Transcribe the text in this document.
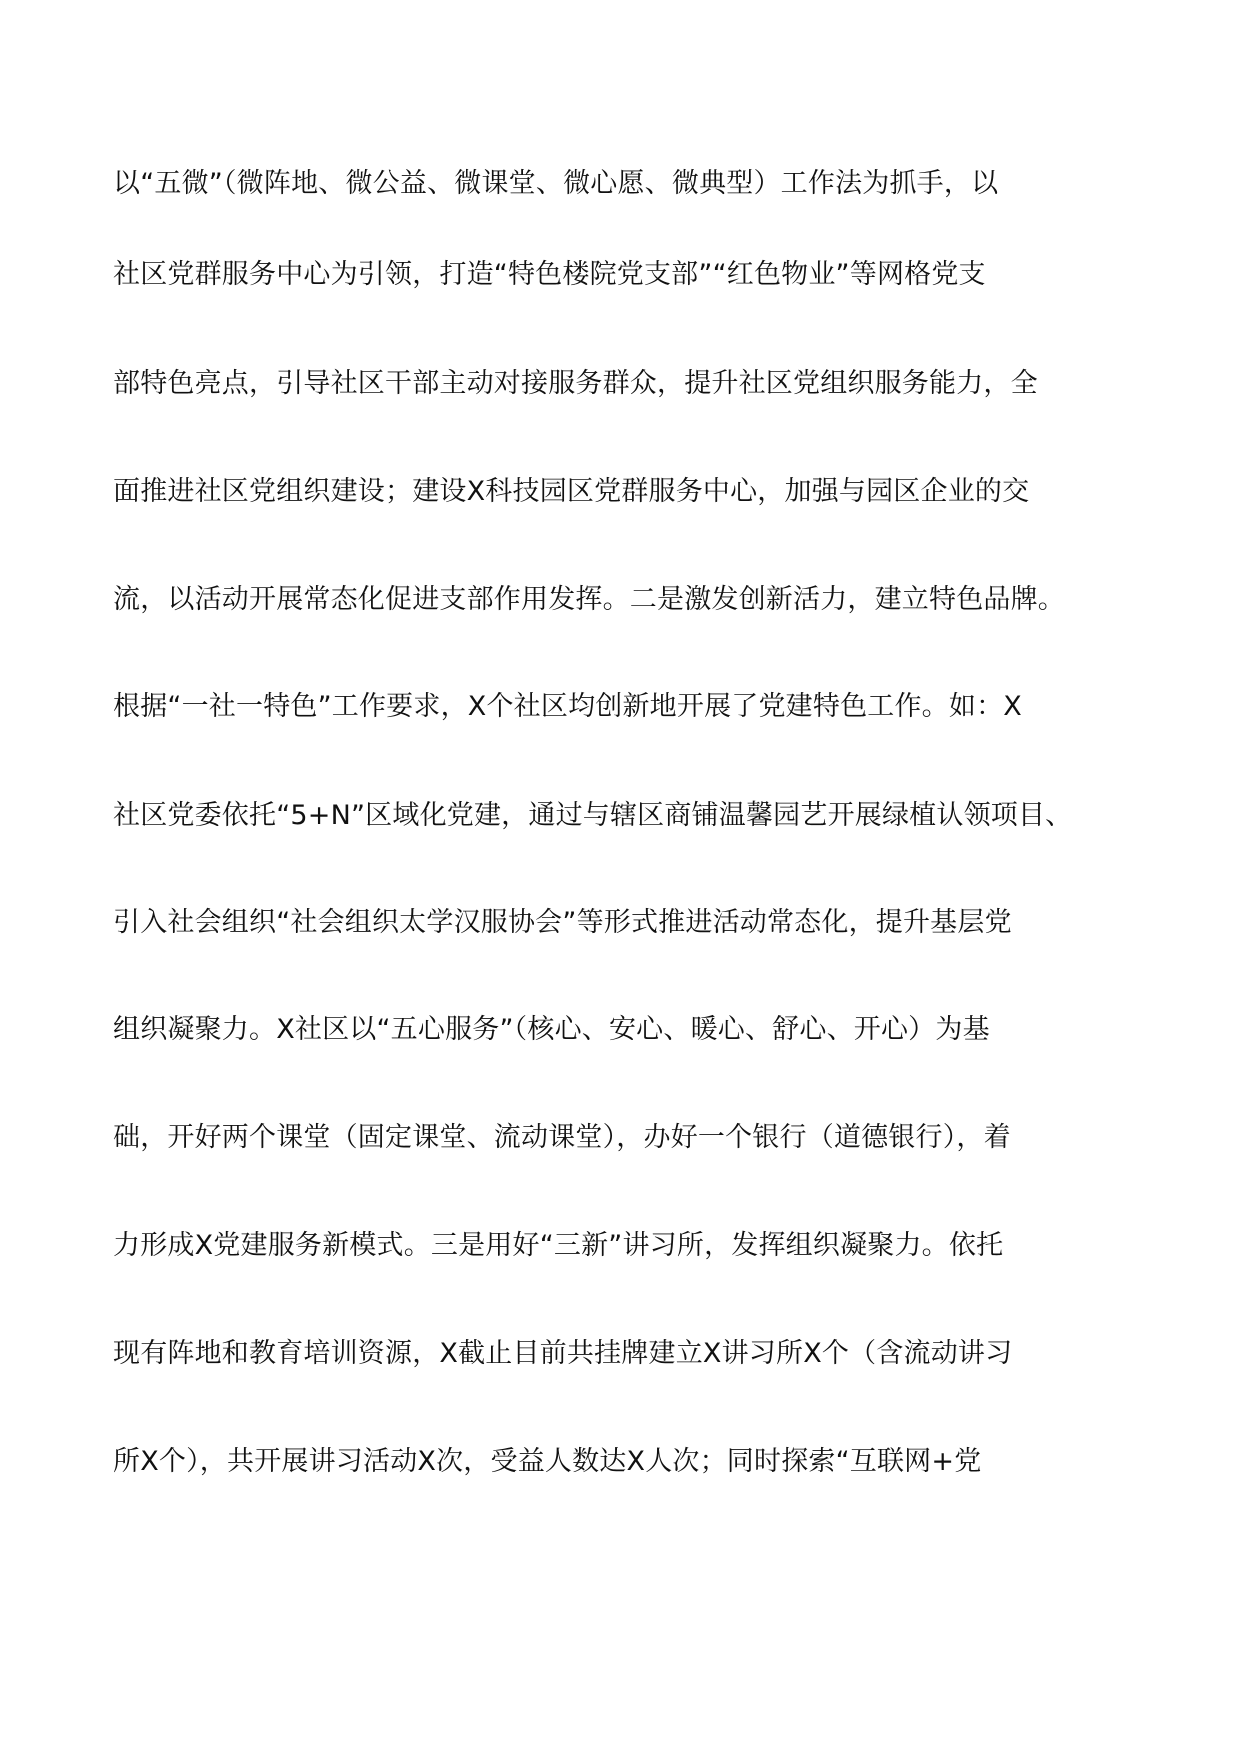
以“五微”（微阵地、微公益、微课堂、微心愿、微典型）工作法为抓手，以
社区党群服务中心为引领，打造“特色楼院党支部”“红色物业”等网格党支
部特色亮点，引导社区干部主动对接服务群众，提升社区党组织服务能力，全
面推进社区党组织建设；建设X科技园区党群服务中心，加强与园区企业的交
流，以活动开展常态化促进支部作用发挥。二是激发创新活力，建立特色品牌。
根据“一社一特色”工作要求，X个社区均创新地开展了党建特色工作。如：X
社区党委依托“5+N”区域化党建，通过与辖区商铺温馨园艺开展绿植认领项目、
引入社会组织“社会组织太学汉服协会”等形式推进活动常态化，提升基层党
组织凝聚力。X社区以“五心服务”（核心、安心、暖心、舒心、开心）为基
础，开好两个课堂（固定课堂、流动课堂），办好一个银行（道德银行），着
力形成X党建服务新模式。三是用好“三新”讲习所，发挥组织凝聚力。依托
现有阵地和教育培训资源，X截止目前共挂牌建立X讲习所X个（含流动讲习
所X个），共开展讲习活动X次，受益人数达X人次；同时探索“互联网+党
